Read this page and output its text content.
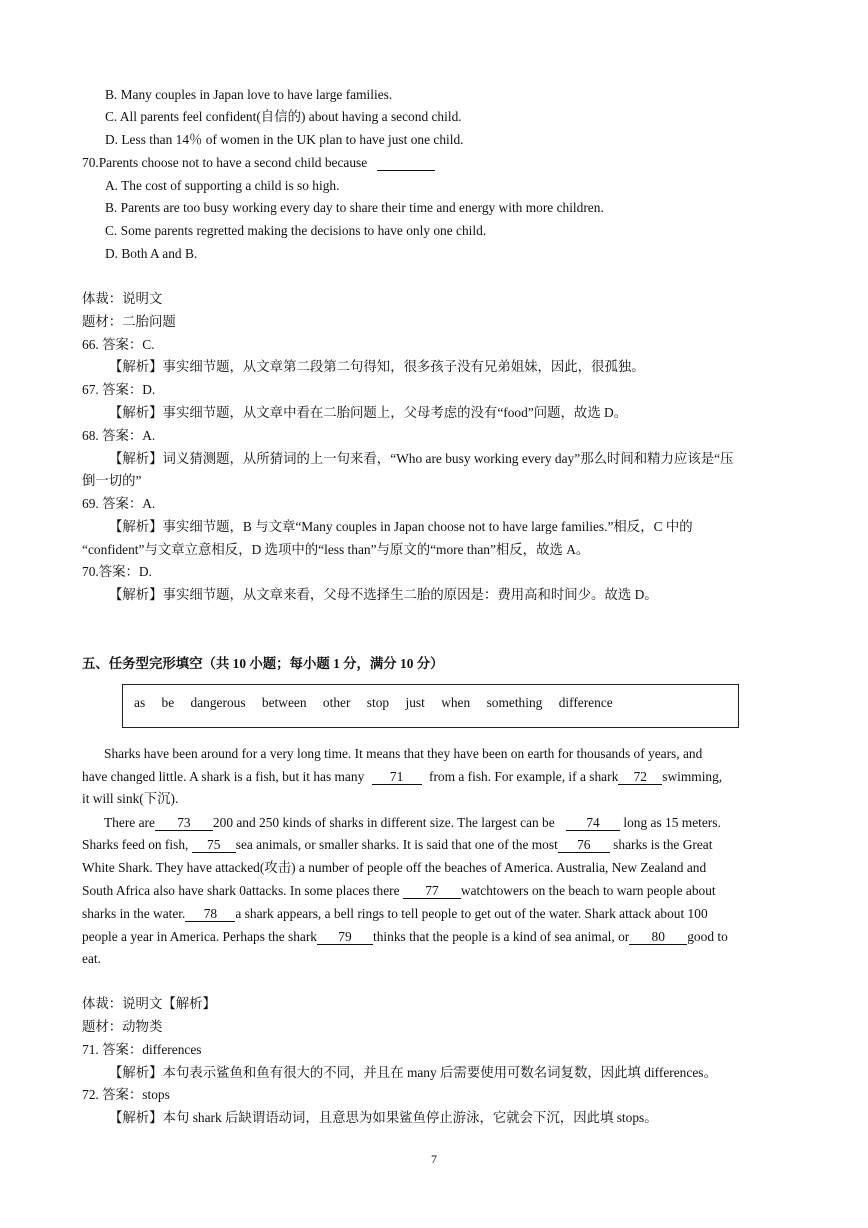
B. Many couples in Japan love to have large families.
C. All parents feel confident(自信的) about having a second child.
D. Less than 14％ of women in the UK plan to have just one child.
70.Parents choose not to have a second child because
A. The cost of supporting a child is so high.
B. Parents are too busy working every day to share their time and energy with more children.
C. Some parents regretted making the decisions to have only one child.
D. Both A and B.
体裁：说明文
题材：二胎问题
66. 答案：C.
【解析】事实细节题，从文章第二段第二句得知，很多孩子没有兄弟姐妹，因此，很孤独。
67. 答案：D.
【解析】事实细节题，从文章中看在二胎问题上，父母考虑的没有“food”问题，故选 D。
68. 答案：A.
【解析】词义猜测题，从所猜词的上一句来看，“Who are busy working every day”那么时间和精力应该是“压
倒一切的”
69. 答案：A.
【解析】事实细节题，B 与文章“Many couples in Japan choose not to have large families.”相反，C 中的
“confident”与文章立意相反，D 选项中的“less than”与原文的“more than”相反，故选 A。
70.答案：D.
【解析】事实细节题，从文章来看，父母不选择生二胎的原因是：费用高和时间少。故选 D。
五、任务型完形填空（共 10 小题；每小题 1 分，满分 10 分）
as be dangerous between other stop just when something difference
Sharks have been around for a very long time. It means that they have been on earth for thousands of years, and
have changed little. A shark is a fish, but it has many 71 from a fish. For example, if a shark 72 swimming,
it will sink(下沉).
There are 73 200 and 250 kinds of sharks in different size. The largest can be 74 long as 15 meters.
Sharks feed on fish, 75 sea animals, or smaller sharks. It is said that one of the most 76 sharks is the Great
White Shark. They have attacked(攻击) a number of people off the beaches of America. Australia, New Zealand and
South Africa also have shark 0attacks. In some places there 77 watchtowers on the beach to warn people about
sharks in the water. 78 a shark appears, a bell rings to tell people to get out of the water. Shark attack about 100
people a year in America. Perhaps the shark 79 thinks that the people is a kind of sea animal, or 80 good to
eat.
体裁：说明文【解析】
题材：动物类
71. 答案：differences
【解析】本句表示鲨鱼和鱼有很大的不同，并且在 many 后需要使用可数名词复数，因此填 differences。
72. 答案：stops
【解析】本句 shark 后缺谓语动词，且意思为如果鲨鱼停止游泳，它就会下沉，因此填 stops。
7
